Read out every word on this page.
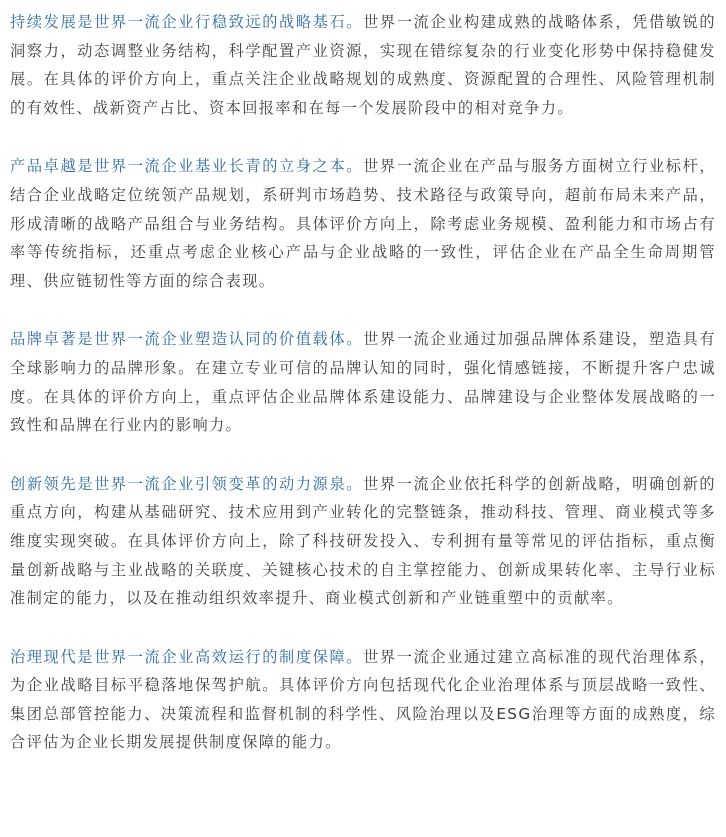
持续发展是世界一流企业行稳致远的战略基石。世界一流企业构建成熟的战略体系，凭借敏锐的洞察力，动态调整业务结构，科学配置产业资源，实现在错综复杂的行业变化形势中保持稳健发展。在具体的评价方向上，重点关注企业战略规划的成熟度、资源配置的合理性、风险管理机制的有效性、战新资产占比、资本回报率和在每一个发展阶段中的相对竞争力。

产品卓越是世界一流企业基业长青的立身之本。世界一流企业在产品与服务方面树立行业标杆，结合企业战略定位统领产品规划，系研判市场趋势、技术路径与政策导向，超前布局未来产品，形成清晰的战略产品组合与业务结构。具体评价方向上，除考虑业务规模、盈利能力和市场占有率等传统指标，还重点考虑企业核心产品与企业战略的一致性，评估企业在产品全生命周期管理、供应链韧性等方面的综合表现。

品牌卓著是世界一流企业塑造认同的价值载体。世界一流企业通过加强品牌体系建设，塑造具有全球影响力的品牌形象。在建立专业可信的品牌认知的同时，强化情感链接，不断提升客户忠诚度。在具体的评价方向上，重点评估企业品牌体系建设能力、品牌建设与企业整体发展战略的一致性和品牌在行业内的影响力。

创新领先是世界一流企业引领变革的动力源泉。世界一流企业依托科学的创新战略，明确创新的重点方向，构建从基础研究、技术应用到产业转化的完整链条，推动科技、管理、商业模式等多维度实现突破。在具体评价方向上，除了科技研发投入、专利拥有量等常见的评估指标，重点衡量创新战略与主业战略的关联度、关键核心技术的自主掌控能力、创新成果转化率、主导行业标准制定的能力，以及在推动组织效率提升、商业模式创新和产业链重塑中的贡献率。

治理现代是世界一流企业高效运行的制度保障。世界一流企业通过建立高标准的现代治理体系，为企业战略目标平稳落地保驾护航。具体评价方向包括现代化企业治理体系与顶层战略一致性、集团总部管控能力、决策流程和监督机制的科学性、风险治理以及ESG治理等方面的成熟度，综合评估为企业长期发展提供制度保障的能力。
